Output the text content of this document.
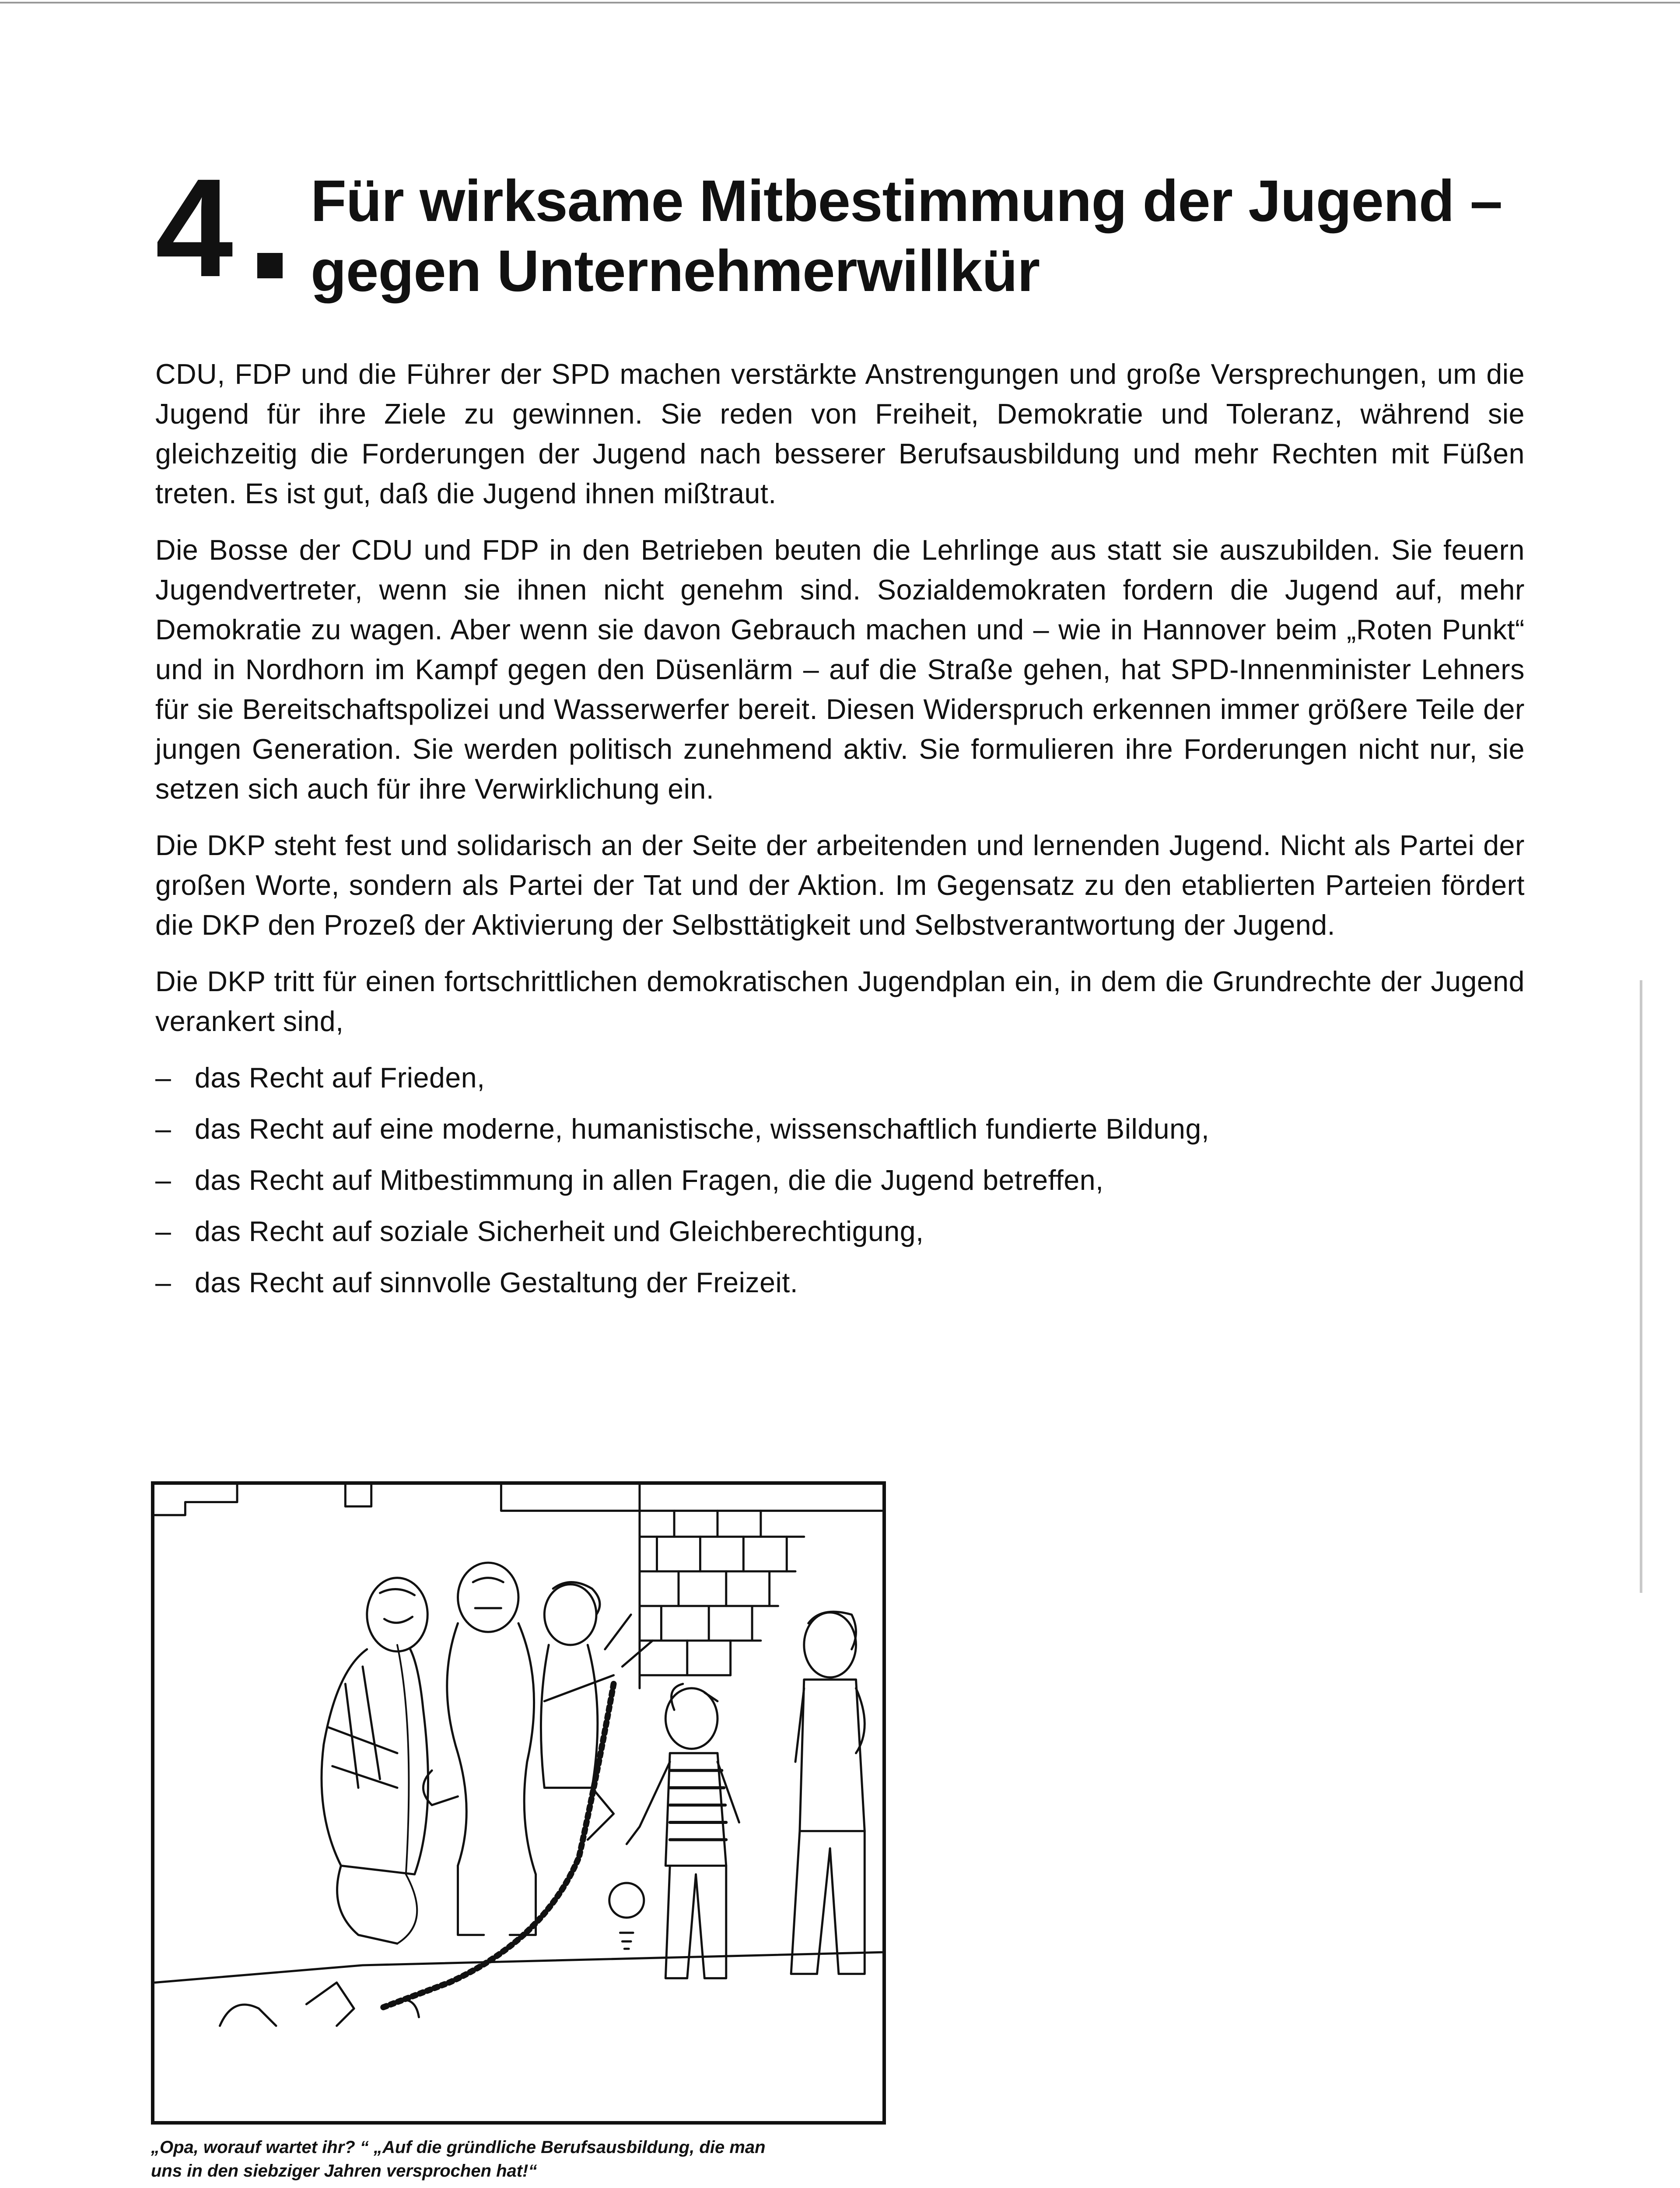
4 Für wirksame Mitbestimmung der Jugend –
gegen Unternehmerwillkür

CDU, FDP und die Führer der SPD machen verstärkte Anstrengungen und große Versprechungen, um die Jugend für ihre Ziele zu gewinnen. Sie reden von Freiheit, Demokratie und Toleranz, während sie gleichzeitig die Forderungen der Jugend nach besserer Berufsausbildung und mehr Rechten mit Füßen treten. Es ist gut, daß die Jugend ihnen mißtraut.

Die Bosse der CDU und FDP in den Betrieben beuten die Lehrlinge aus statt sie auszubilden. Sie feuern Jugendvertreter, wenn sie ihnen nicht genehm sind. Sozialdemokraten fordern die Jugend auf, mehr Demokratie zu wagen. Aber wenn sie davon Gebrauch machen und – wie in Hannover beim „Roten Punkt“ und in Nordhorn im Kampf gegen den Düsenlärm – auf die Straße gehen, hat SPD-Innenminister Lehners für sie Bereitschaftspolizei und Wasserwerfer bereit. Diesen Widerspruch erkennen immer größere Teile der jungen Generation. Sie werden politisch zunehmend aktiv. Sie formulieren ihre Forderungen nicht nur, sie setzen sich auch für ihre Verwirklichung ein.

Die DKP steht fest und solidarisch an der Seite der arbeitenden und lernenden Jugend. Nicht als Partei der großen Worte, sondern als Partei der Tat und der Aktion. Im Gegensatz zu den etablierten Parteien fördert die DKP den Prozeß der Aktivierung der Selbsttätigkeit und Selbstverantwortung der Jugend.

Die DKP tritt für einen fortschrittlichen demokratischen Jugendplan ein, in dem die Grundrechte der Jugend verankert sind,

– das Recht auf Frieden,
– das Recht auf eine moderne, humanistische, wissenschaftlich fundierte Bildung,
– das Recht auf Mitbestimmung in allen Fragen, die die Jugend betreffen,
– das Recht auf soziale Sicherheit und Gleichberechtigung,
– das Recht auf sinnvolle Gestaltung der Freizeit.
„Opa, worauf wartet ihr? “ „Auf die gründliche Berufsausbildung, die man
uns in den siebziger Jahren versprochen hat!“
